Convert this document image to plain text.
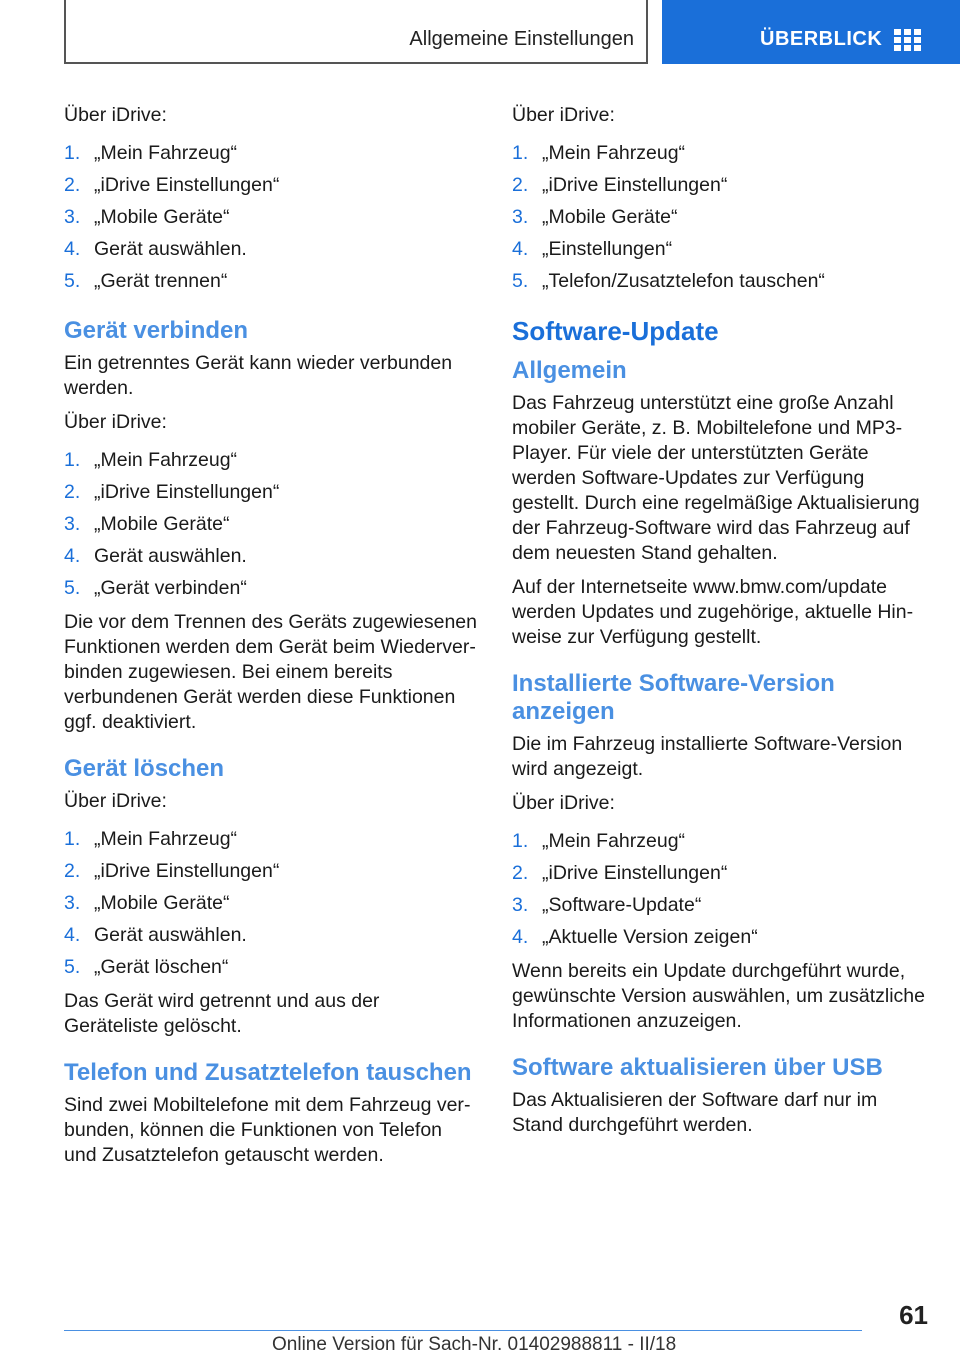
Allgemeine Einstellungen	ÜBERBLICK

Über iDrive:

1. „Mein Fahrzeug“
2. „iDrive Einstellungen“
3. „Mobile Geräte“
4. Gerät auswählen.
5. „Gerät trennen“
Gerät verbinden

Ein getrenntes Gerät kann wieder verbunden werden.

Über iDrive:

1. „Mein Fahrzeug“
2. „iDrive Einstellungen“
3. „Mobile Geräte“
4. Gerät auswählen.
5. „Gerät verbinden“

Die vor dem Trennen des Geräts zugewiesenen Funktionen werden dem Gerät beim Wiederverbinden zugewiesen. Bei einem bereits verbundenen Gerät werden diese Funktionen ggf. deaktiviert.

Gerät löschen

Über iDrive:

1. „Mein Fahrzeug“
2. „iDrive Einstellungen“
3. „Mobile Geräte“
4. Gerät auswählen.
5. „Gerät löschen“

Das Gerät wird getrennt und aus der Geräteliste gelöscht.

Telefon und Zusatztelefon tauschen

Sind zwei Mobiltelefone mit dem Fahrzeug verbunden, können die Funktionen von Telefon und Zusatztelefon getauscht werden.

Über iDrive:

1. „Mein Fahrzeug“
2. „iDrive Einstellungen“
3. „Mobile Geräte“
4. „Einstellungen“
5. „Telefon/Zusatztelefon tauschen“
Software-Update
Allgemein

Das Fahrzeug unterstützt eine große Anzahl mobiler Geräte, z. B. Mobiltelefone und MP3-Player. Für viele der unterstützten Geräte werden Software-Updates zur Verfügung gestellt. Durch eine regelmäßige Aktualisierung der Fahrzeug-Software wird das Fahrzeug auf dem neuesten Stand gehalten.

Auf der Internetseite www.bmw.com/update werden Updates und zugehörige, aktuelle Hinweise zur Verfügung gestellt.

Installierte Software-Version anzeigen

Die im Fahrzeug installierte Software-Version wird angezeigt.

Über iDrive:

1. „Mein Fahrzeug“
2. „iDrive Einstellungen“
3. „Software-Update“
4. „Aktuelle Version zeigen“

Wenn bereits ein Update durchgeführt wurde, gewünschte Version auswählen, um zusätzliche Informationen anzuzeigen.

Software aktualisieren über USB

Das Aktualisieren der Software darf nur im Stand durchgeführt werden.

61
Online Version für Sach-Nr. 01402988811 - II/18
